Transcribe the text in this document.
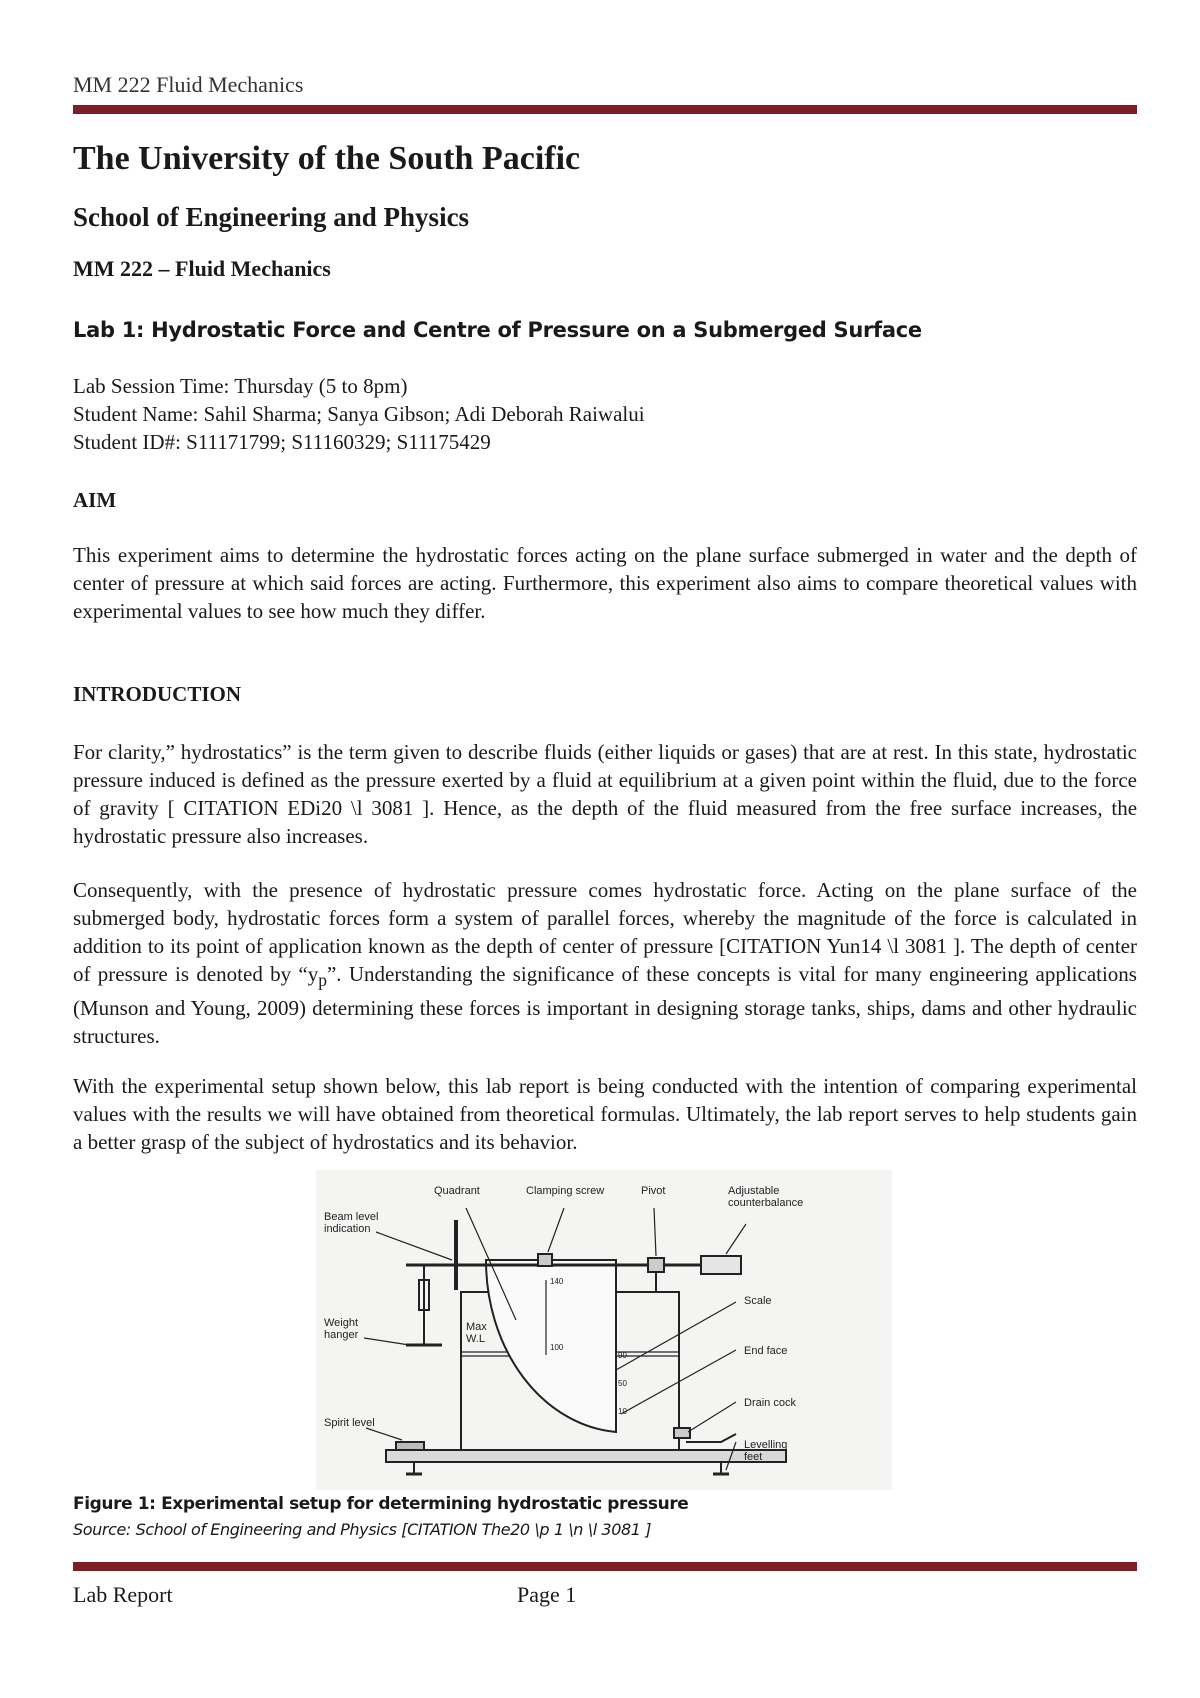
MM 222 Fluid Mechanics
The University of the South Pacific
School of Engineering and Physics
MM 222 – Fluid Mechanics
Lab 1: Hydrostatic Force and Centre of Pressure on a Submerged Surface
Lab Session Time: Thursday (5 to 8pm)
Student Name: Sahil Sharma; Sanya Gibson; Adi Deborah Raiwalui
Student ID#: S11171799; S11160329; S11175429
AIM
This experiment aims to determine the hydrostatic forces acting on the plane surface submerged in water and the depth of center of pressure at which said forces are acting. Furthermore, this experiment also aims to compare theoretical values with experimental values to see how much they differ.
INTRODUCTION
For clarity,” hydrostatics” is the term given to describe fluids (either liquids or gases) that are at rest. In this state, hydrostatic pressure induced is defined as the pressure exerted by a fluid at equilibrium at a given point within the fluid, due to the force of gravity [ CITATION EDi20 \l 3081 ]. Hence, as the depth of the fluid measured from the free surface increases, the hydrostatic pressure also increases.
Consequently, with the presence of hydrostatic pressure comes hydrostatic force. Acting on the plane surface of the submerged body, hydrostatic forces form a system of parallel forces, whereby the magnitude of the force is calculated in addition to its point of application known as the depth of center of pressure [CITATION Yun14 \l 3081 ]. The depth of center of pressure is denoted by “$y_p$”. Understanding the significance of these concepts is vital for many engineering applications (Munson and Young, 2009) determining these forces is important in designing storage tanks, ships, dams and other hydraulic structures.
With the experimental setup shown below, this lab report is being conducted with the intention of comparing experimental values with the results we will have obtained from theoretical formulas. Ultimately, the lab report serves to help students gain a better grasp of the subject of hydrostatics and its behavior.
Quadrant	Clamping screw	Pivot	Adjustable
counterbalance
Beam level
indication
Weight
hanger
Max
W.L
Scale
End face
Drain cock
Spirit level
Levelling
feet
140
100
90
50
10
Figure 1: Experimental setup for determining hydrostatic pressure
Source: School of Engineering and Physics [CITATION The20 \p 1 \n \l 3081 ]
Lab Report	Page 1
